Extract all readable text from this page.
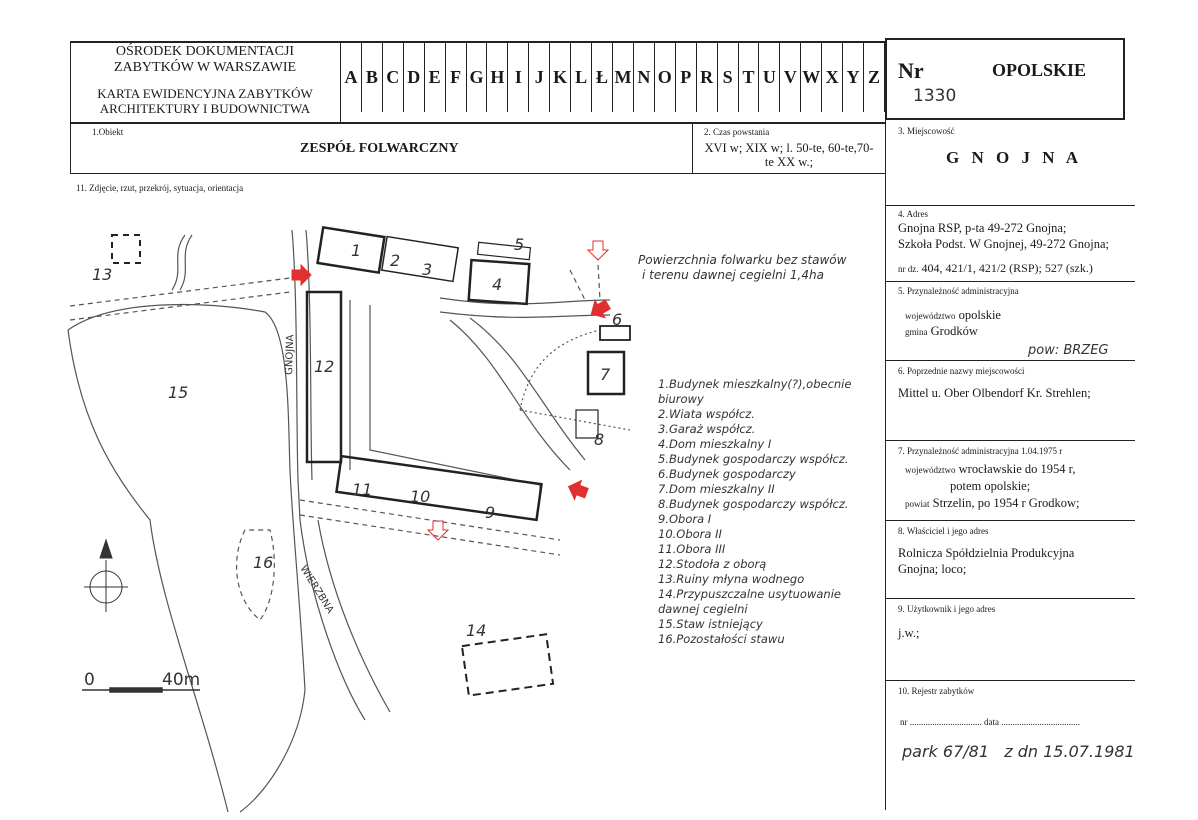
OŚRODEK DOKUMENTACJI
ZABYTKÓW W WARSZAWIE
KARTA EWIDENCYJNA ZABYTKÓW
ARCHITEKTURY I BUDOWNICTWA
A B C D E F G H I J K L Ł M N O P R S T U V W X Y Z Nr
1330
OPOLSKIE
1.Obiekt
ZESPÓŁ FOLWARCZNY
2. Czas powstania
XVI w; XIX w; l. 50-te, 60-te,70-
te XX w.;
11. Zdjęcie, rzut, przekrój, sytuacja, orientacja
3. Miejscowość
G N O J N A
4. Adres
Gnojna RSP, p-ta 49-272 Gnojna;
Szkoła Podst. W Gnojnej, 49-272 Gnojna;
nr dz. 404, 421/1, 421/2 (RSP); 527 (szk.)
5. Przynależność administracyjna
województwo opolskie
gmina Grodków
pow: BRZEG
6. Poprzednie nazwy miejscowości
Mittel u. Ober Olbendorf Kr. Strehlen;
7. Przynależność administracyjna 1.04.1975 r
województwo wrocławskie do 1954 r,
potem opolskie;
powiat Strzelin, po 1954 r Grodkow;
8. Właściciel i jego adres
Rolnicza Spółdzielnia Produkcyjna
Gnojna; loco;
9. Użytkownik i jego adres
j.w.;
10. Rejestr zabytków
nr ................................ data ...................................
park 67/81   z dn 15.07.1981
1
2 3
4
5
6
7
8
9
10
11
12
13
14
15
16
GNOJNA
WIERZBNA
0	40m
Powierzchnia folwarku bez stawów
i terenu dawnej cegielni 1,4ha
1.Budynek mieszkalny(?),obecnie
biurowy
2.Wiata współcz.
3.Garaż współcz.
4.Dom mieszkalny I
5.Budynek gospodarczy współcz.
6.Budynek gospodarczy
7.Dom mieszkalny II
8.Budynek gospodarczy współcz.
9.Obora I
10.Obora II
11.Obora III
12.Stodoła z oborą
13.Ruiny młyna wodnego
14.Przypuszczalne usytuowanie
dawnej cegielni
15.Staw istniejący
16.Pozostałości stawu
